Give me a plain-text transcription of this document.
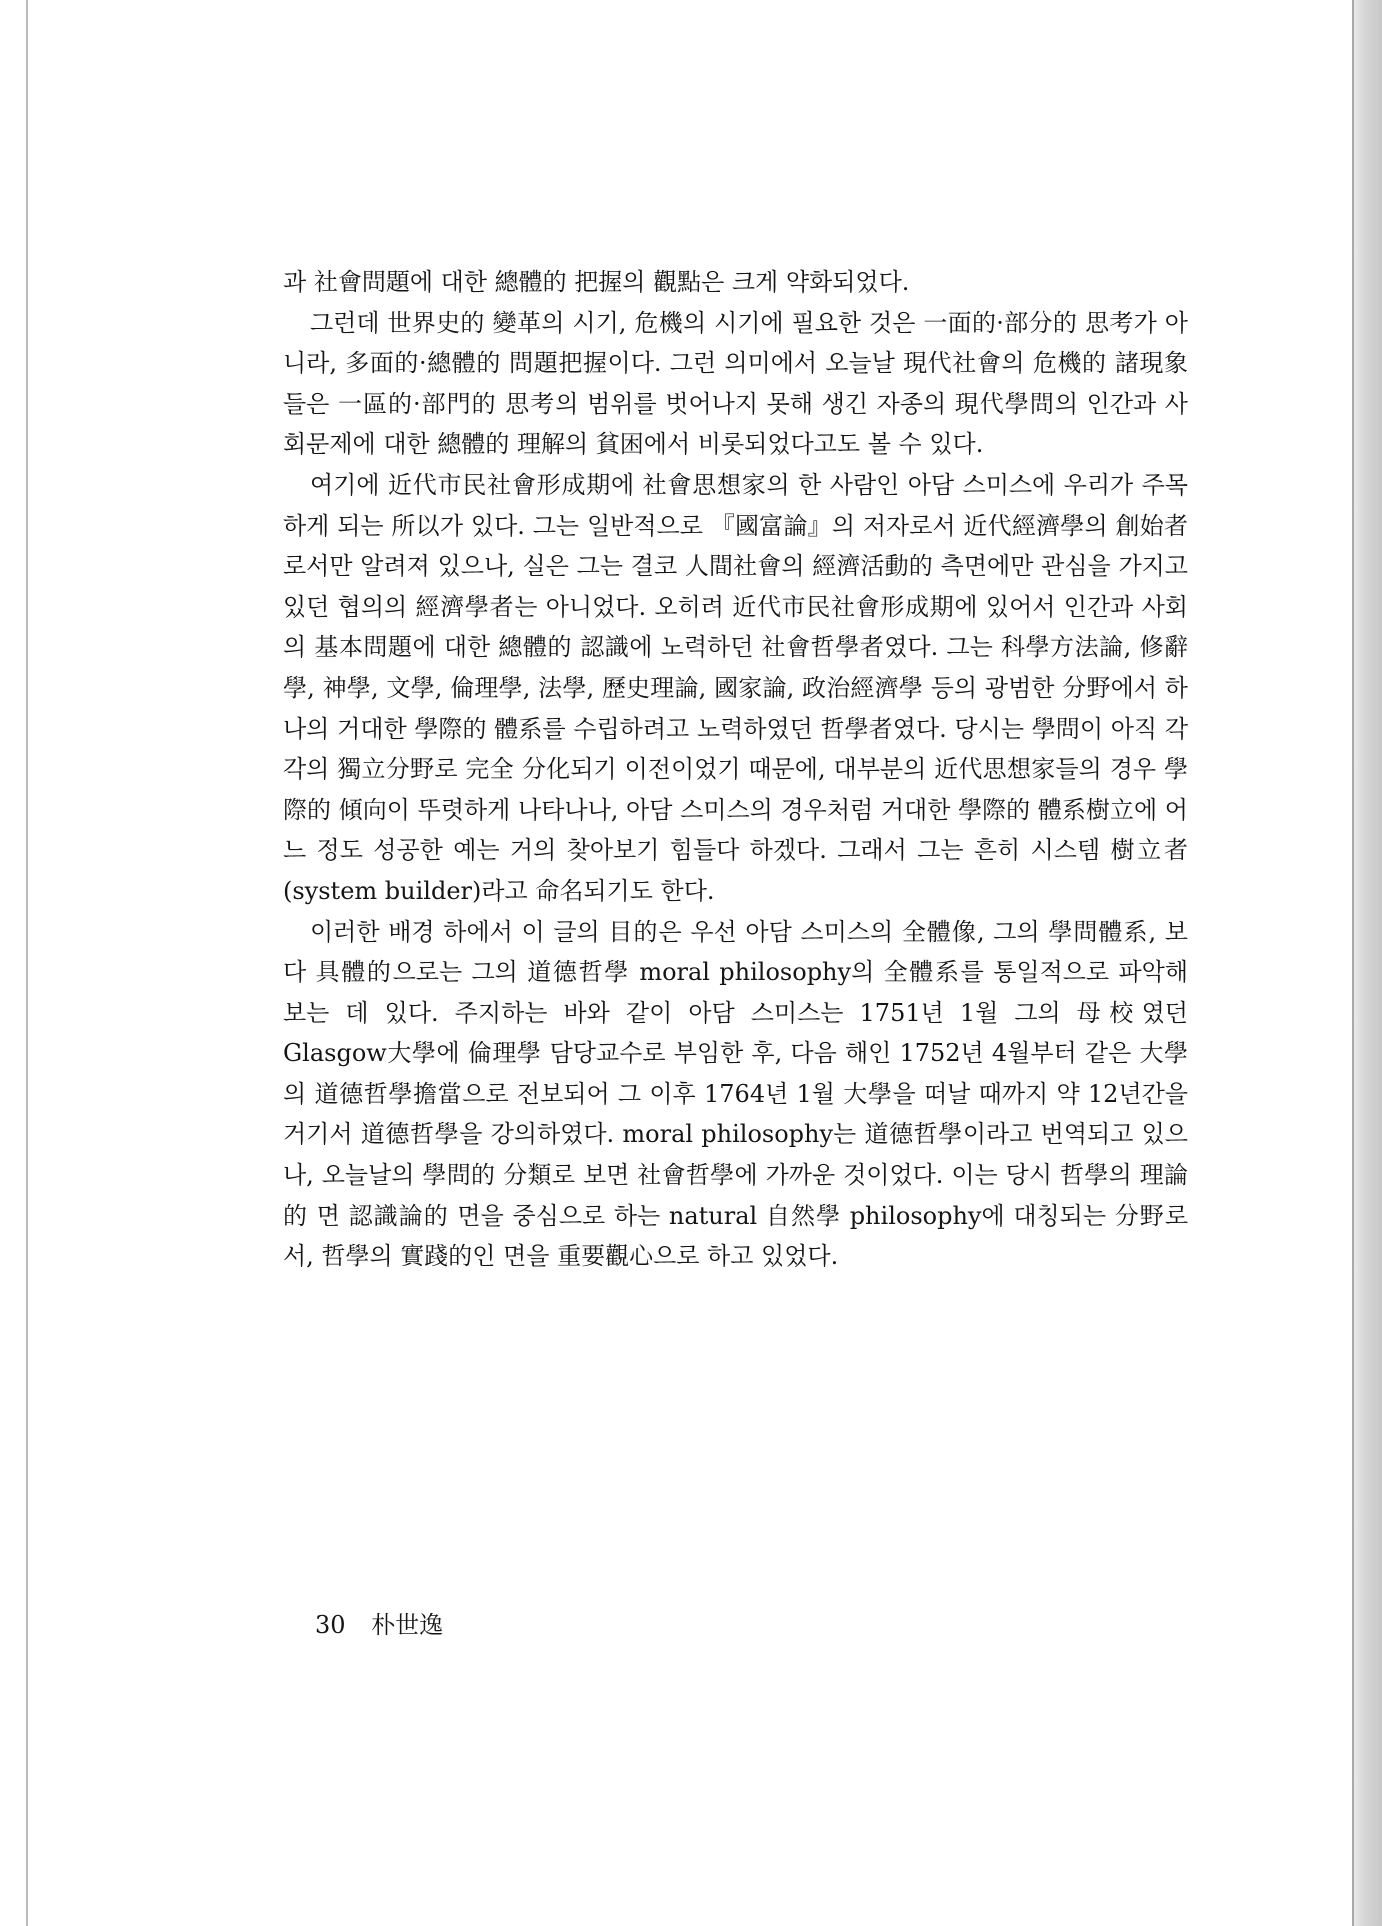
과 社會問題에 대한 總體的 把握의 觀點은 크게 약화되었다.

그런데 世界史的 變革의 시기, 危機의 시기에 필요한 것은 一面的·部分的 思考가 아니라, 多面的·總體的 問題把握이다. 그런 의미에서 오늘날 現代社會의 危機的 諸現象들은 一區的·部門的 思考의 범위를 벗어나지 못해 생긴 자종의 現代學問의 인간과 사회문제에 대한 總體的 理解의 貧困에서 비롯되었다고도 볼 수 있다.

여기에 近代市民社會形成期에 社會思想家의 한 사람인 아담 스미스에 우리가 주목하게 되는 所以가 있다. 그는 일반적으로 『國富論』의 저자로서 近代經濟學의 創始者로서만 알려져 있으나, 실은 그는 결코 人間社會의 經濟活動的 측면에만 관심을 가지고 있던 협의의 經濟學者는 아니었다. 오히려 近代市民社會形成期에 있어서 인간과 사회의 基本問題에 대한 總體的 認識에 노력하던 社會哲學者였다. 그는 科學方法論, 修辭學, 神學, 文學, 倫理學, 法學, 歷史理論, 國家論, 政治經濟學 등의 광범한 分野에서 하나의 거대한 學際的 體系를 수립하려고 노력하였던 哲學者였다. 당시는 學問이 아직 각각의 獨立分野로 完全 分化되기 이전이었기 때문에, 대부분의 近代思想家들의 경우 學際的 傾向이 뚜렷하게 나타나나, 아담 스미스의 경우처럼 거대한 學際的 體系樹立에 어느 정도 성공한 예는 거의 찾아보기 힘들다 하겠다. 그래서 그는 흔히 시스템 樹立者(system builder)라고 命名되기도 한다.

이러한 배경 하에서 이 글의 目的은 우선 아담 스미스의 全體像, 그의 學問體系, 보다 具體的으로는 그의 道德哲學 moral philosophy의 全體系를 통일적으로 파악해 보는 데 있다. 주지하는 바와 같이 아담 스미스는 1751년 1월 그의 母校였던 Glasgow大學에 倫理學 담당교수로 부임한 후, 다음 해인 1752년 4월부터 같은 大學의 道德哲學擔當으로 전보되어 그 이후 1764년 1월 大學을 떠날 때까지 약 12년간을 거기서 道德哲學을 강의하였다. moral philosophy는 道德哲學이라고 번역되고 있으나, 오늘날의 學問的 分類로 보면 社會哲學에 가까운 것이었다. 이는 당시 哲學의 理論的 면 認識論的 면을 중심으로 하는 natural 自然學 philosophy에 대칭되는 分野로서, 哲學의 實踐的인 면을 重要觀心으로 하고 있었다.

30 朴世逸
